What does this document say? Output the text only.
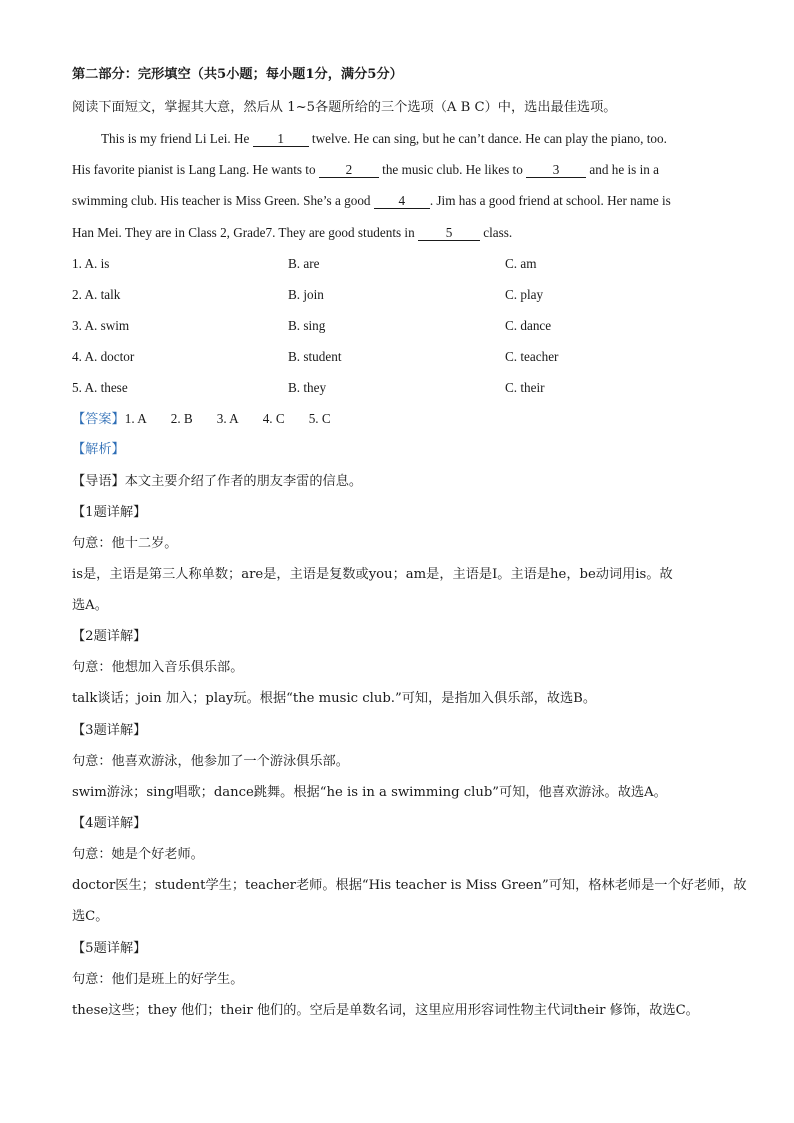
第二部分：完形填空（共5小题；每小题1分，满分5分）
阅读下面短文，掌握其大意，然后从 1~5各题所给的三个选项（A B C）中，选出最佳选项。
This is my friend Li Lei. He 1 twelve. He can sing, but he can’t dance. He can play the piano, too.
His favorite pianist is Lang Lang. He wants to 2 the music club. He likes to 3 and he is in a
swimming club. His teacher is Miss Green. She’s a good 4 . Jim has a good friend at school. Her name is
Han Mei. They are in Class 2, Grade7. They are good students in 5 class.
1. A. is	B. are	C. am
2. A. talk	B. join	C. play
3. A. swim	B. sing	C. dance
4. A. doctor	B. student	C. teacher
5. A. these	B. they	C. their
【答案】1. A 2. B 3. A 4. C 5. C
【解析】
【导语】本文主要介绍了作者的朋友李雷的信息。
【1题详解】
句意：他十二岁。
is是，主语是第三人称单数；are是，主语是复数或you；am是，主语是I。主语是he，be动词用is。故
选A。
【2题详解】
句意：他想加入音乐俱乐部。
talk谈话；join 加入；play玩。根据“the music club.”可知，是指加入俱乐部，故选B。
【3题详解】
句意：他喜欢游泳，他参加了一个游泳俱乐部。
swim游泳；sing唱歌；dance跳舞。根据“he is in a swimming club”可知，他喜欢游泳。故选A。
【4题详解】
句意：她是个好老师。
doctor医生；student学生；teacher老师。根据“His teacher is Miss Green”可知，格林老师是一个好老师，故
选C。
【5题详解】
句意：他们是班上的好学生。
these这些；they 他们；their 他们的。空后是单数名词，这里应用形容词性物主代词their 修饰，故选C。
